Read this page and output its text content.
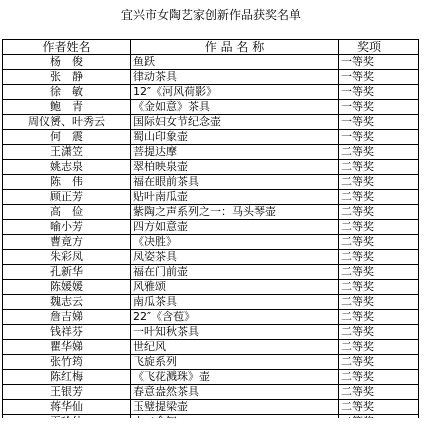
宜兴市女陶艺家创新作品获奖名单
作者姓名	作 品 名 称	奖项
杨　俊	鱼跃	一等奖
张　静	律动茶具	一等奖
徐　敏	12″《河风荷影》	一等奖
鲍　青	《金如意》茶具	一等奖
周仪赟、叶秀云	国际妇女节纪念壶	一等奖
何　震	蜀山印象壶	一等奖
王潇笠	菩提达摩	二等奖
姚志泉	翠柏映泉壶	二等奖
陈　伟	福在眼前茶具	二等奖
顾正芳	贴叶南瓜壶	二等奖
高　俭	紫陶之声系列之一：马头琴壶	二等奖
喻小芳	四方如意壶	二等奖
曹竟方	《决胜》	二等奖
朱彩凤	凤姿茶具	二等奖
孔新华	福在门前壶	二等奖
陈媛媛	风雅颂	二等奖
魏志云	南瓜茶具	二等奖
詹吉娣	22″《含苞》	二等奖
钱祥芬	一叶知秋茶具	二等奖
瞿华娣	世纪风	二等奖
张竹筠	飞旋系列	二等奖
陈红梅	《飞花溅珠》壶	二等奖
王银芳	春意盎然茶具	二等奖
蒋华仙	玉璧提梁壶	二等奖
